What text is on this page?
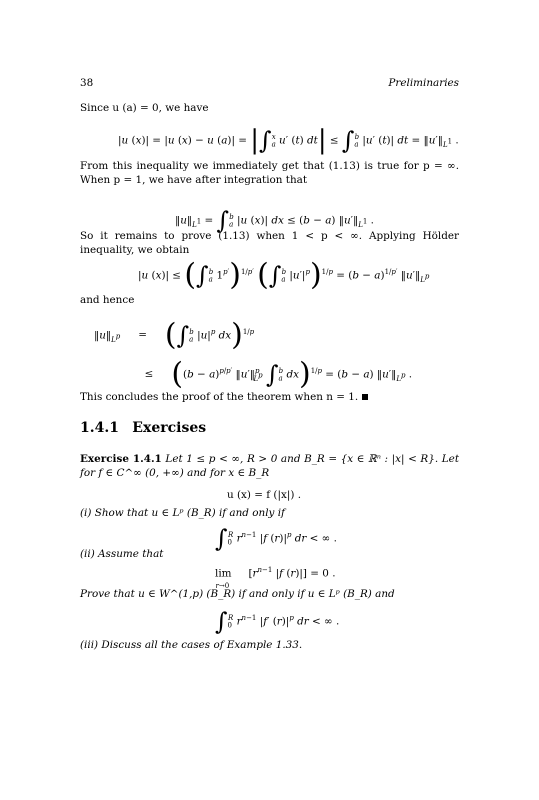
38	Preliminaries

Since u (a) = 0, we have

|u (x)| = |u (x) − u $(a)| = |\int_a^x$ u′ (t) $dt| \le \int_a^b$ |u′ (t)| dt = $‖u'‖_{L^1}$ .

From this inequality we immediately get that (1.13) is true for p = ∞. When p = 1, we have after integration that

$‖u‖_{L^1} = \int_a^b$ |u (x)| dx ≤ (b − a) $‖u'‖_{L^1}$ .

So it remains to prove (1.13) when 1 < p < ∞. Applying Hölder inequality, we obtain

|u $(x)| \le (\int_a^b$ $1^{p'})^{1/p'}$ ($\int_a^b$ $|u'|^p)^{1/p} = (b - a)^{1/p'}$ $‖u'‖_{L^p}$

and hence

$‖u‖_{L^p} = (\int_a^b$ $|u|^p$ dx)$^{1/p}$
≤ ($(b - a)^{p/p'}$ ‖u′‖$^p_{L^p}$ $\int_a^b$ dx)$^{1/p}$ = (b − a) $‖u'‖_{L^p}$ .

This concludes the proof of the theorem when n = 1.

1.4.1 Exercises

Exercise 1.4.1 Let 1 ≤ p < ∞, R > 0 and B_R = {x ∈ ℝⁿ : |x| < R}. Let for f ∈ C^∞ (0, +∞) and for x ∈ B_R

u (x) = f (|x|) .

(i) Show that u ∈ Lᵖ (B_R) if and only if

$\int_0^R$ $r^{n-1}$ |f $(r)|^p$ dr < ∞ .

(ii) Assume that

$\lim_{r\to 0} [r^{n-1}$ |f (r)|] = 0 .

Prove that u ∈ W^(1,p) (B_R) if and only if u ∈ Lᵖ (B_R) and

$\int_0^R$ $r^{n-1}$ |f′ $(r)|^p$ dr < ∞ .

(iii) Discuss all the cases of Example 1.33.
